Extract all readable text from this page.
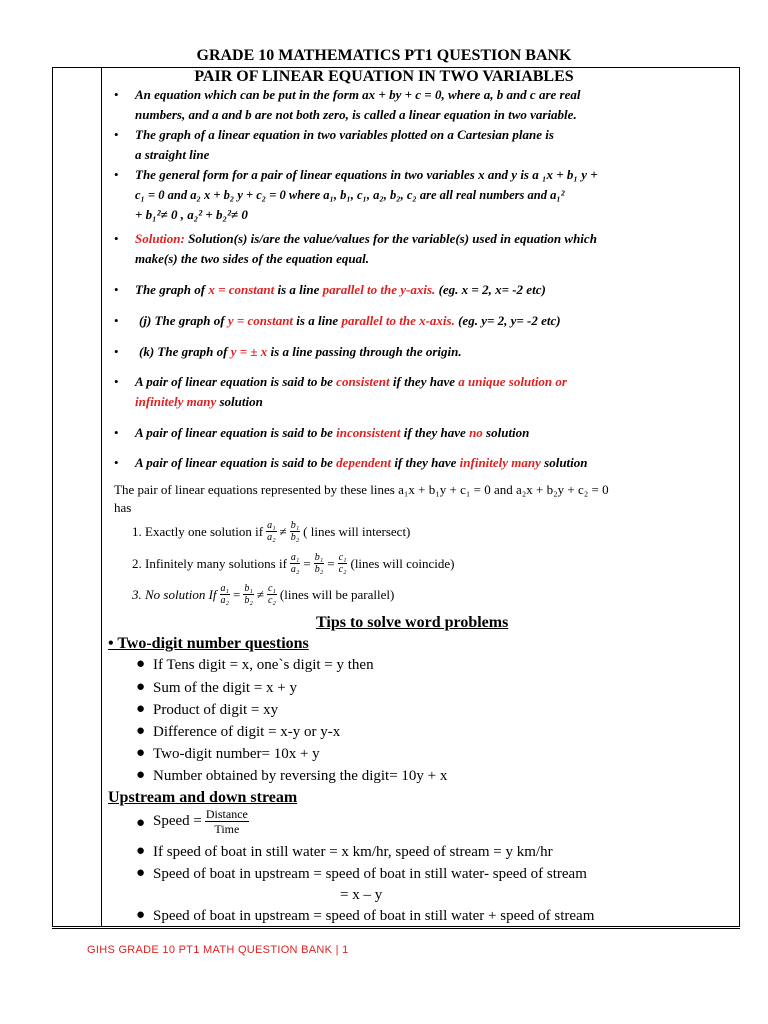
GRADE 10 MATHEMATICS PT1 QUESTION BANK
PAIR OF LINEAR EQUATION IN TWO VARIABLES
• An equation which can be put in the form ax + by + c = 0, where a, b and c are real
numbers, and a and b are not both zero, is called a linear equation in two variable.
• The graph of a linear equation in two variables plotted on a Cartesian plane is
a straight line
• The general form for a pair of linear equations in two variables x and y is a ₁x + b₁ y +
c₁ = 0 and a₂ x + b₂ y + c₂ = 0 where a₁, b₁, c₁, a₂, b₂, c₂ are all real numbers and a₁²
+ b₁²≠ 0 , a₂² + b₂²≠ 0
• Solution: Solution(s) is/are the value/values for the variable(s) used in equation which
make(s) the two sides of the equation equal.
• The graph of x = constant is a line parallel to the y-axis. (eg. x = 2, x= -2 etc)
• (j) The graph of y = constant is a line parallel to the x-axis. (eg. y= 2, y= -2 etc)
• (k) The graph of y = ± x is a line passing through the origin.
• A pair of linear equation is said to be consistent if they have a unique solution or
infinitely many solution
• A pair of linear equation is said to be inconsistent if they have no solution
• A pair of linear equation is said to be dependent if they have infinitely many solution
The pair of linear equations represented by these lines a₁x + b₁y + c₁ = 0 and a₂x + b₂y + c₂ = 0
has
1. Exactly one solution if $\frac{\text{a₁}}{\text{a₂}} \ne \frac{\text{b₁}}{\text{b₂}}$ ( lines will intersect)
2. Infinitely many solutions if $\frac{\text{a₁}}{\text{a₂}} = \frac{\text{b₁}}{\text{b₂}} = \frac{\text{c₁}}{\text{c₂}}$ (lines will coincide)
3. No solution If $\frac{\text{a₁}}{\text{a₂}} = \frac{\text{b₁}}{\text{b₂}} \ne \frac{\text{c₁}}{\text{c₂}}$ (lines will be parallel)
Tips to solve word problems
• Two-digit number questions
● If Tens digit = x, one`s digit = y then
● Sum of the digit = x + y
● Product of digit = xy
● Difference of digit = x-y or y-x
● Two-digit number= 10x + y
● Number obtained by reversing the digit= 10y + x
Upstream and down stream
● Speed = $\frac{\text{Distance}}{\text{Time}}$
● If speed of boat in still water = x km/hr, speed of stream = y km/hr
● Speed of boat in upstream = speed of boat in still water- speed of stream
= x – y
● Speed of boat in upstream = speed of boat in still water + speed of stream
GIHS GRADE 10 PT1 MATH QUESTION BANK | 1
